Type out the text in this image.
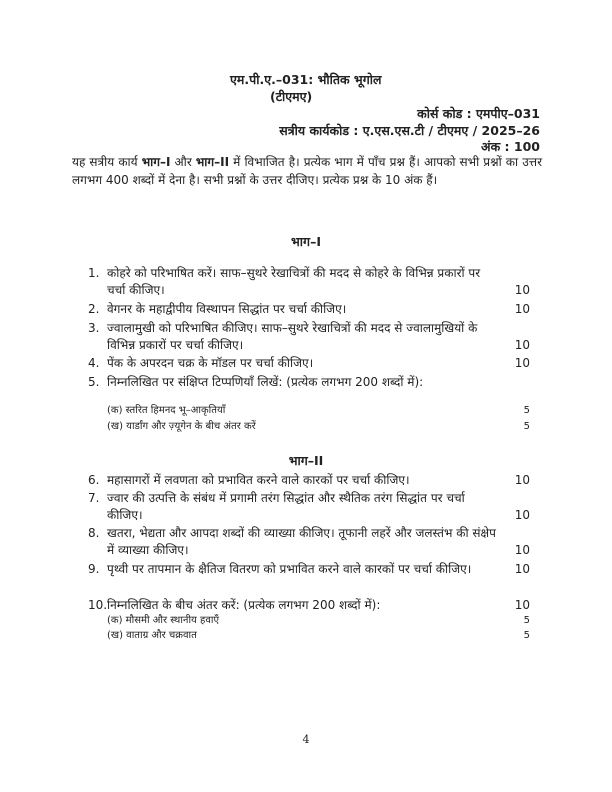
एम.पी.ए.–031: भौतिक भूगोल
(टीएमए)
कोर्स कोड : एमपीए–031
सत्रीय कार्यकोड : ए.एस.एस.टी / टीएमए / 2025–26
अंक : 100
यह सत्रीय कार्य भाग–I और भाग–II में विभाजित है। प्रत्येक भाग में पाँच प्रश्न हैं। आपको सभी प्रश्नों का उत्तर लगभग 400 शब्दों में देना है। सभी प्रश्नों के उत्तर दीजिए। प्रत्येक प्रश्न के 10 अंक हैं।
भाग–I
1. कोहरे को परिभाषित करें। साफ–सुथरे रेखाचित्रों की मदद से कोहरे के विभिन्न प्रकारों पर चर्चा कीजिए।	10
2. वेगनर के महाद्वीपीय विस्थापन सिद्धांत पर चर्चा कीजिए।	10
3. ज्वालामुखी को परिभाषित कीजिए। साफ–सुथरे रेखाचित्रों की मदद से ज्वालामुखियों के विभिन्न प्रकारों पर चर्चा कीजिए।	10
4. पेंक के अपरदन चक्र के मॉडल पर चर्चा कीजिए।	10
5. निम्नलिखित पर संक्षिप्त टिप्पणियाँ लिखें: (प्रत्येक लगभग 200 शब्दों में):
(क) स्तरित हिमनद भू–आकृतियाँ	5
(ख) यार्डांग और ज़्यूगेन के बीच अंतर करें	5
भाग–II
6. महासागरों में लवणता को प्रभावित करने वाले कारकों पर चर्चा कीजिए।	10
7. ज्वार की उत्पत्ति के संबंध में प्रगामी तरंग सिद्धांत और स्थैतिक तरंग सिद्धांत पर चर्चा कीजिए।	10
8. खतरा, भेद्यता और आपदा शब्दों की व्याख्या कीजिए। तूफानी लहरें और जलस्तंभ की संक्षेप में व्याख्या कीजिए।	10
9. पृथ्वी पर तापमान के क्षैतिज वितरण को प्रभावित करने वाले कारकों पर चर्चा कीजिए।	10
10. निम्नलिखित के बीच अंतर करें: (प्रत्येक लगभग 200 शब्दों में):	10
(क) मौसमी और स्थानीय हवाएँ	5
(ख) वाताग्र और चक्रवात	5
4
